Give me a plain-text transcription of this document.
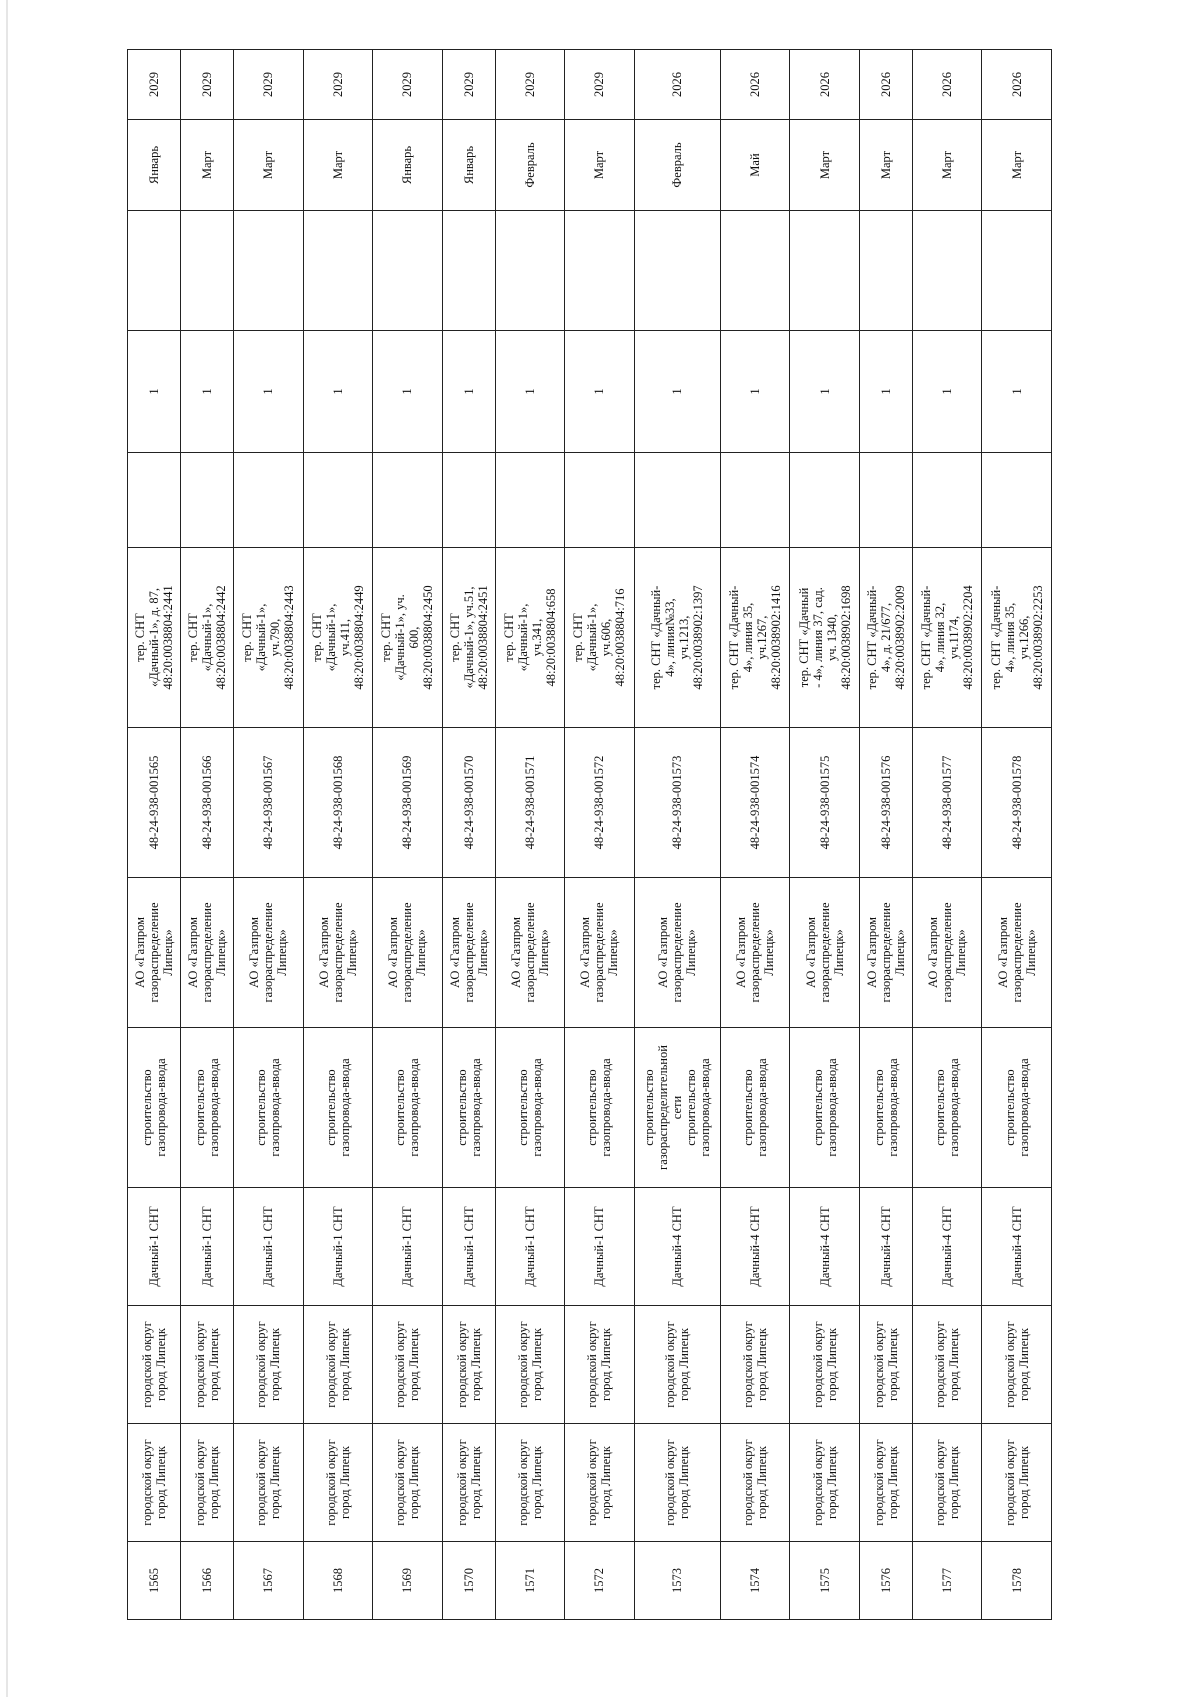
1565	городской округ город Липецк	городской округ город Липецк	Дачный-1 СНТ	строительство газопровода-ввода	АО «Газпром газораспределение Липецк»	48-24-938-001565	тер. СНТ «Дачный-1», д. 87, 48:20:0038804:2441		1		Январь	2029
1566	городской округ город Липецк	городской округ город Липецк	Дачный-1 СНТ	строительство газопровода-ввода	АО «Газпром газораспределение Липецк»	48-24-938-001566	тер. СНТ «Дачный-1», 48:20:0038804:2442		1		Март	2029
1567	городской округ город Липецк	городской округ город Липецк	Дачный-1 СНТ	строительство газопровода-ввода	АО «Газпром газораспределение Липецк»	48-24-938-001567	тер. СНТ «Дачный-1», уч.790, 48:20:0038804:2443		1		Март	2029
1568	городской округ город Липецк	городской округ город Липецк	Дачный-1 СНТ	строительство газопровода-ввода	АО «Газпром газораспределение Липецк»	48-24-938-001568	тер. СНТ «Дачный-1», уч.411, 48:20:0038804:2449		1		Март	2029
1569	городской округ город Липецк	городской округ город Липецк	Дачный-1 СНТ	строительство газопровода-ввода	АО «Газпром газораспределение Липецк»	48-24-938-001569	тер. СНТ «Дачный-1», уч. 600, 48:20:0038804:2450		1		Январь	2029
1570	городской округ город Липецк	городской округ город Липецк	Дачный-1 СНТ	строительство газопровода-ввода	АО «Газпром газораспределение Липецк»	48-24-938-001570	тер. СНТ «Дачный-1», уч.51, 48:20:0038804:2451		1		Январь	2029
1571	городской округ город Липецк	городской округ город Липецк	Дачный-1 СНТ	строительство газопровода-ввода	АО «Газпром газораспределение Липецк»	48-24-938-001571	тер. СНТ «Дачный-1», уч.341, 48:20:0038804:658		1		Февраль	2029
1572	городской округ город Липецк	городской округ город Липецк	Дачный-1 СНТ	строительство газопровода-ввода	АО «Газпром газораспределение Липецк»	48-24-938-001572	тер. СНТ «Дачный-1», уч.606, 48:20:0038804:716		1		Март	2029
1573	городской округ город Липецк	городской округ город Липецк	Дачный-4 СНТ	строительство газораспределительной сети строительство газопровода-ввода	АО «Газпром газораспределение Липецк»	48-24-938-001573	тер. СНТ «Дачный- 4», линия№33, уч.1213, 48:20:0038902:1397		1		Февраль	2026
1574	городской округ город Липецк	городской округ город Липецк	Дачный-4 СНТ	строительство газопровода-ввода	АО «Газпром газораспределение Липецк»	48-24-938-001574	тер. СНТ «Дачный- 4», линия 35, уч.1267, 48:20:0038902:1416		1		Май	2026
1575	городской округ город Липецк	городской округ город Липецк	Дачный-4 СНТ	строительство газопровода-ввода	АО «Газпром газораспределение Липецк»	48-24-938-001575	тер. СНТ «Дачный - 4», линия 37, сад. уч. 1340, 48:20:0038902:1698		1		Март	2026
1576	городской округ город Липецк	городской округ город Липецк	Дачный-4 СНТ	строительство газопровода-ввода	АО «Газпром газораспределение Липецк»	48-24-938-001576	тер. СНТ «Дачный- 4», д. 21/677, 48:20:0038902:2009		1		Март	2026
1577	городской округ город Липецк	городской округ город Липецк	Дачный-4 СНТ	строительство газопровода-ввода	АО «Газпром газораспределение Липецк»	48-24-938-001577	тер. СНТ «Дачный- 4», линия 32, уч.1174, 48:20:0038902:2204		1		Март	2026
1578	городской округ город Липецк	городской округ город Липецк	Дачный-4 СНТ	строительство газопровода-ввода	АО «Газпром газораспределение Липецк»	48-24-938-001578	тер. СНТ «Дачный- 4», линия 35, уч.1266, 48:20:0038902:2253		1		Март	2026
